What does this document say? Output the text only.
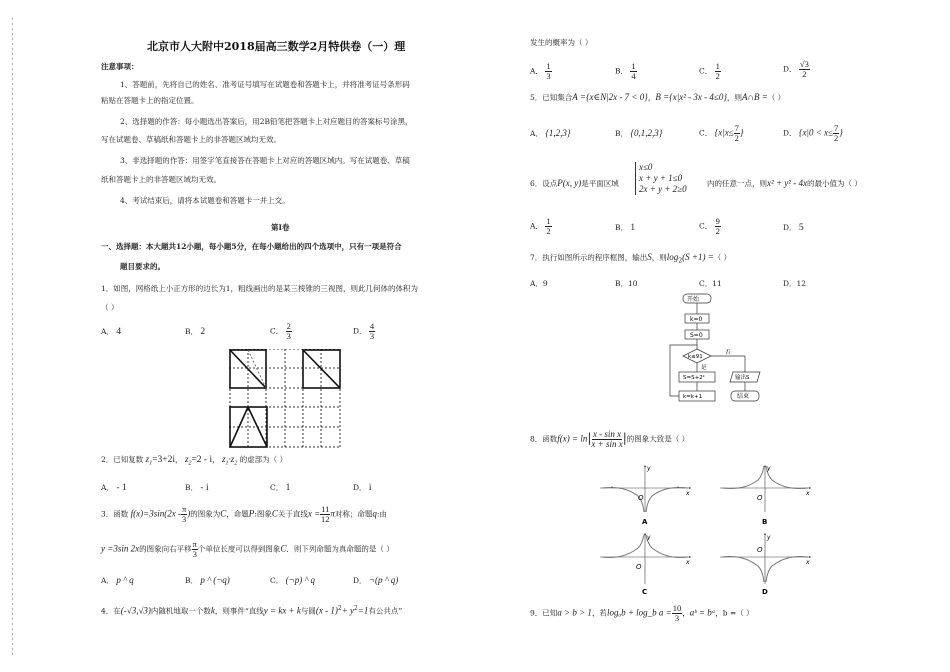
北京市人大附中2018届高三数学2月特供卷（一）理
注意事项：
1、答题前，先将自己的姓名、准考证号填写在试题卷和答题卡上，并将准考证号条形码
粘贴在答题卡上的指定位置。
2、选择题的作答：每小题选出答案后，用2B铅笔把答题卡上对应题目的答案标号涂黑，
写在试题卷、草稿纸和答题卡上的非答题区域均无效。
3、非选择题的作答：用签字笔直接答在答题卡上对应的答题区域内。写在试题卷、草稿
纸和答题卡上的非答题区域均无效。
4、考试结束后，请将本试题卷和答题卡一并上交。
第Ⅰ卷
一、选择题：本大题共12小题，每小题5分，在每小题给出的四个选项中，只有一项是符合
题目要求的。
1．如图，网格纸上小正方形的边长为1，粗线画出的是某三棱锥的三视图，则此几何体的体积为
（ ）
A． 4	B． 2	C． $\frac{2}{3}$	D． $\frac{4}{3}$
2．已知复数 $z_1=3+2i$， $z_2=2 - i$， $z_1\cdot z_2$ 的虚部为（ ）
A． - 1	B． - i	C． 1	D． i
3．函数 $f(x)=3\sin(2x - \frac{\pi}{3}$ )的图象为C，命题P:图象C关于直线$x = \frac{11}{12}$ π对称；命题q:由
y =3sin 2x的图象向右平移 $\frac{\pi}{3}$ 个单位长度可以得到图象C．则下列命题为真命题的是（ ）
A． p ^ q	B． p ^ (¬q)	C． (¬p) ^ q	D． ¬(p ^ q)
4．在(-√3,√3)内随机地取一个数k，则事件“直线y = kx + k与圆$(x - 1)^2+ y^2=1$有公共点”
发生的概率为（ ）
A． $\frac{1}{3}$	B． $\frac{1}{4}$	C． $\frac{1}{2}$	D． $\frac{√3}{2}$
5．已知集合A ={x∈N|2x - 7 < 0}，B ={x|x² - 3x - 4≤0}，则A∩B =（ ）
A． {1,2,3}	B． {0,1,2,3}	C． {$x|x\le \frac{7}{2}$ }	D． {$x|0 < x\le \frac{7}{2}$ }
6．设点P(x, y)是平面区域
x≤0
x + y + 1≤0
2x + y + 2≥0
内的任意一点，则x² + y² - 4x的最小值为（ ）
A． $\frac{1}{2}$	B． 1	C． $\frac{9}{2}$	D． 5
7．执行如图所示的程序框图，输出S，则$\log_2(S +1)$ =（ ）
A．9	B．10	C．11	D．12
开始
k=0
S=0
k≤91
是
否
S=S+2ᵏ	输出S
k=k+1	结束
8．函数$f(x) = \ln| \frac{\text{x - sin x}}{\text{x + sin x}}$ |的图象大致是（ ）
O
y
x
A
O
y
x
B
O
y
x
C
O
y
x
D
9．已知a > b > 1，若logₐb + log_b $a = \frac{10}{3}$ ，aᵇ = bᵃ，b =（ ）
